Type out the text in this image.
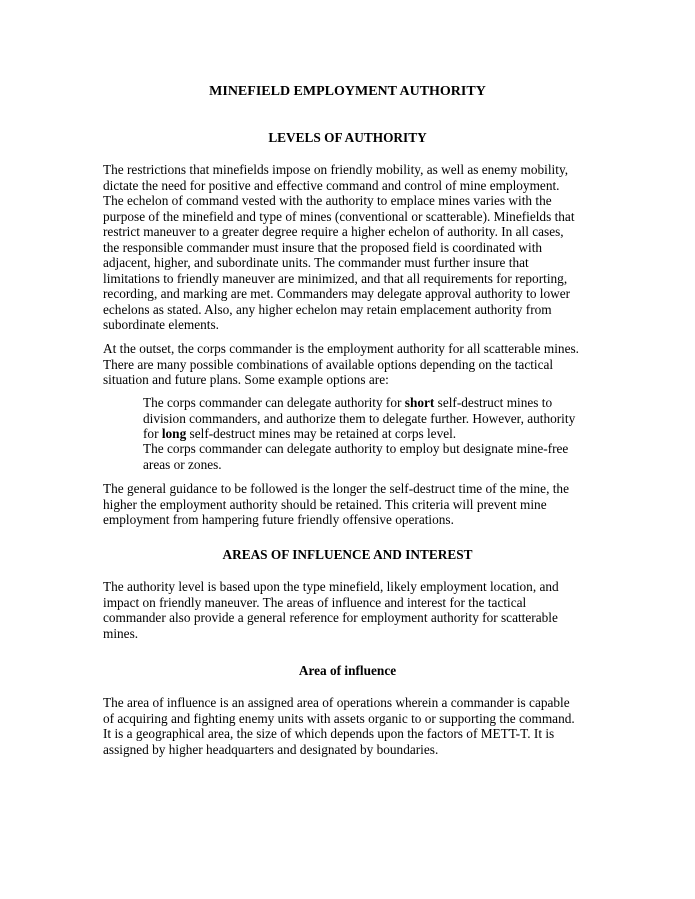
MINEFIELD EMPLOYMENT AUTHORITY
LEVELS OF AUTHORITY

The restrictions that minefields impose on friendly mobility, as well as enemy mobility,
dictate the need for positive and effective command and control of mine employment.
The echelon of command vested with the authority to emplace mines varies with the
purpose of the minefield and type of mines (conventional or scatterable). Minefields that
restrict maneuver to a greater degree require a higher echelon of authority. In all cases,
the responsible commander must insure that the proposed field is coordinated with
adjacent, higher, and subordinate units. The commander must further insure that
limitations to friendly maneuver are minimized, and that all requirements for reporting,
recording, and marking are met. Commanders may delegate approval authority to lower
echelons as stated. Also, any higher echelon may retain emplacement authority from
subordinate elements.

At the outset, the corps commander is the employment authority for all scatterable mines.
There are many possible combinations of available options depending on the tactical
situation and future plans. Some example options are:

The corps commander can delegate authority for short self-destruct mines to
division commanders, and authorize them to delegate further. However, authority
for long self-destruct mines may be retained at corps level.

The corps commander can delegate authority to employ but designate mine-free
areas or zones.

The general guidance to be followed is the longer the self-destruct time of the mine, the
higher the employment authority should be retained. This criteria will prevent mine
employment from hampering future friendly offensive operations.

AREAS OF INFLUENCE AND INTEREST

The authority level is based upon the type minefield, likely employment location, and
impact on friendly maneuver. The areas of influence and interest for the tactical
commander also provide a general reference for employment authority for scatterable
mines.

Area of influence

The area of influence is an assigned area of operations wherein a commander is capable
of acquiring and fighting enemy units with assets organic to or supporting the command.
It is a geographical area, the size of which depends upon the factors of METT-T. It is
assigned by higher headquarters and designated by boundaries.
